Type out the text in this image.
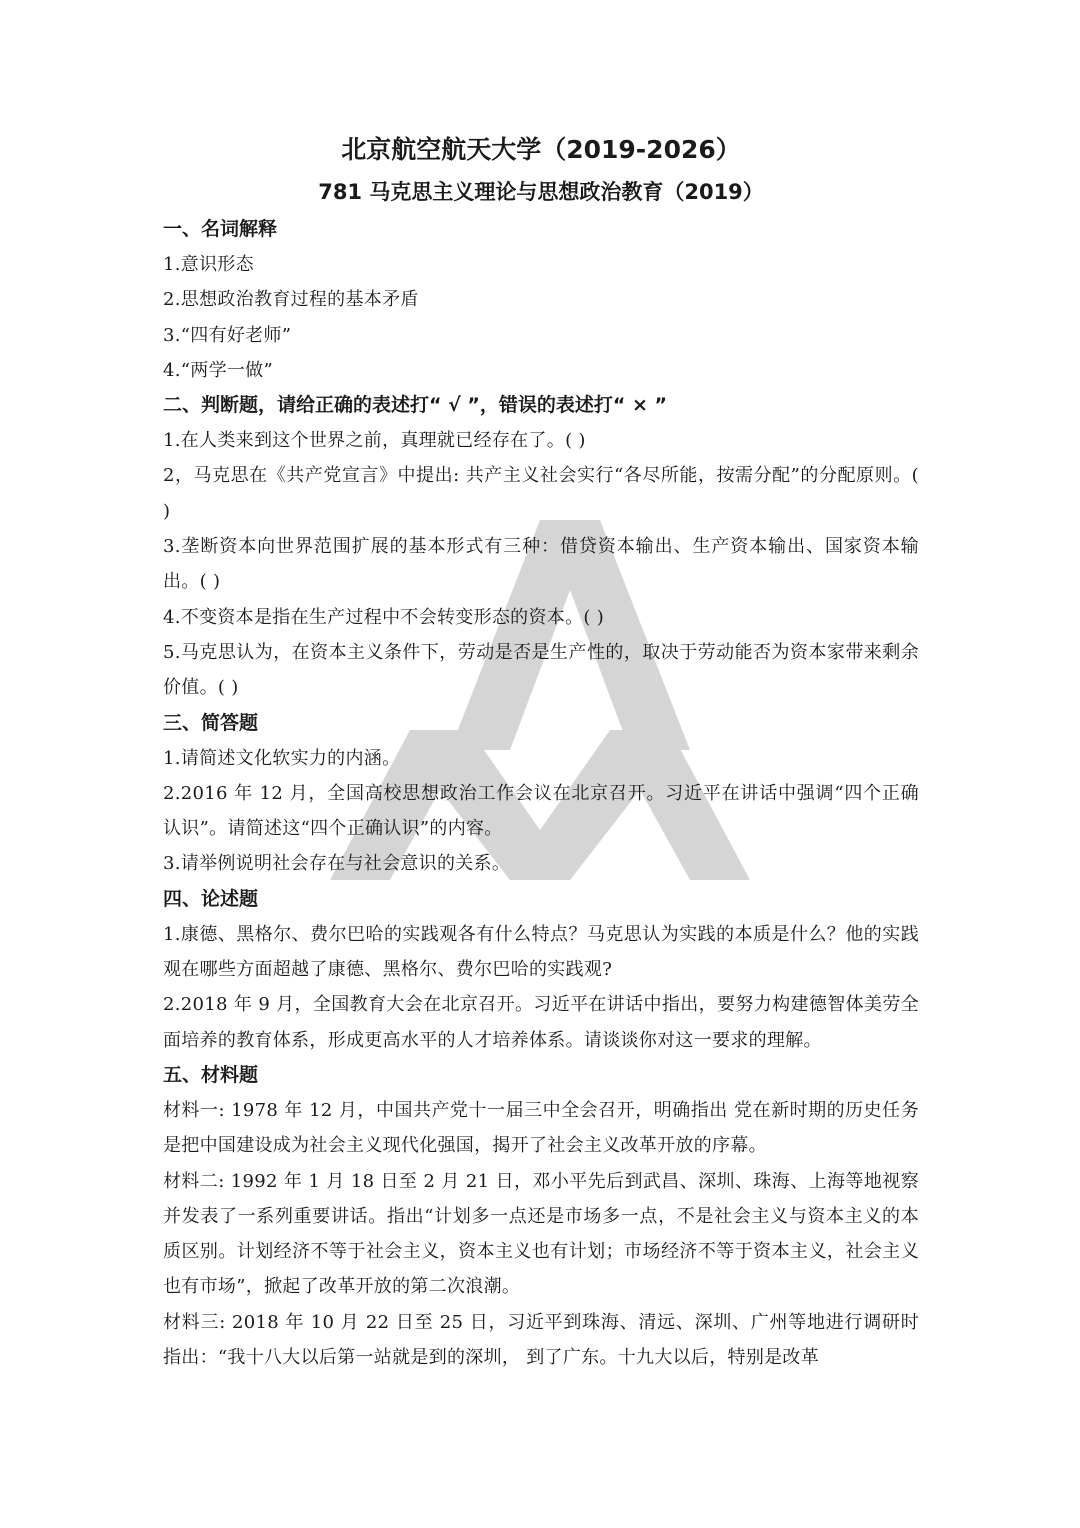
北京航空航天大学（2019-2026）

781 马克思主义理论与思想政治教育（2019）

一、名词解释

1.意识形态

2.思想政治教育过程的基本矛盾

3.“四有好老师”

4.“两学一做”

二、判断题，请给正确的表述打“ √ ”，错误的表述打“ × ”

1.在人类来到这个世界之前，真理就已经存在了。( )

2，马克思在《共产党宣言》中提出: 共产主义社会实行“各尽所能，按需分配”的分配原则。( )

3.垄断资本向世界范围扩展的基本形式有三种：借贷资本输出、生产资本输出、国家资本输出。( )

4.不变资本是指在生产过程中不会转变形态的资本。( )

5.马克思认为，在资本主义条件下，劳动是否是生产性的，取决于劳动能否为资本家带来剩余价值。( )

三、简答题

1.请简述文化软实力的内涵。

2.2016 年 12 月，全国高校思想政治工作会议在北京召开。习近平在讲话中强调“四个正确认识”。请简述这“四个正确认识”的内容。

3.请举例说明社会存在与社会意识的关系。

四、论述题

1.康德、黑格尔、费尔巴哈的实践观各有什么特点？马克思认为实践的本质是什么？他的实践观在哪些方面超越了康德、黑格尔、费尔巴哈的实践观?

2.2018 年 9 月，全国教育大会在北京召开。习近平在讲话中指出，要努力构建德智体美劳全面培养的教育体系，形成更高水平的人才培养体系。请谈谈你对这一要求的理解。

五、材料题

材料一: 1978 年 12 月，中国共产党十一届三中全会召开，明确指出 党在新时期的历史任务是把中国建设成为社会主义现代化强国，揭开了社会主义改革开放的序幕。

材料二: 1992 年 1 月 18 日至 2 月 21 日，邓小平先后到武昌、深圳、珠海、上海等地视察并发表了一系列重要讲话。指出“计划多一点还是市场多一点，不是社会主义与资本主义的本质区别。计划经济不等于社会主义，资本主义也有计划；市场经济不等于资本主义，社会主义也有市场”，掀起了改革开放的第二次浪潮。

材料三: 2018 年 10 月 22 日至 25 日，习近平到珠海、清远、深圳、广州等地进行调研时指出：“我十八大以后第一站就是到的深圳， 到了广东。十九大以后，特别是改革
